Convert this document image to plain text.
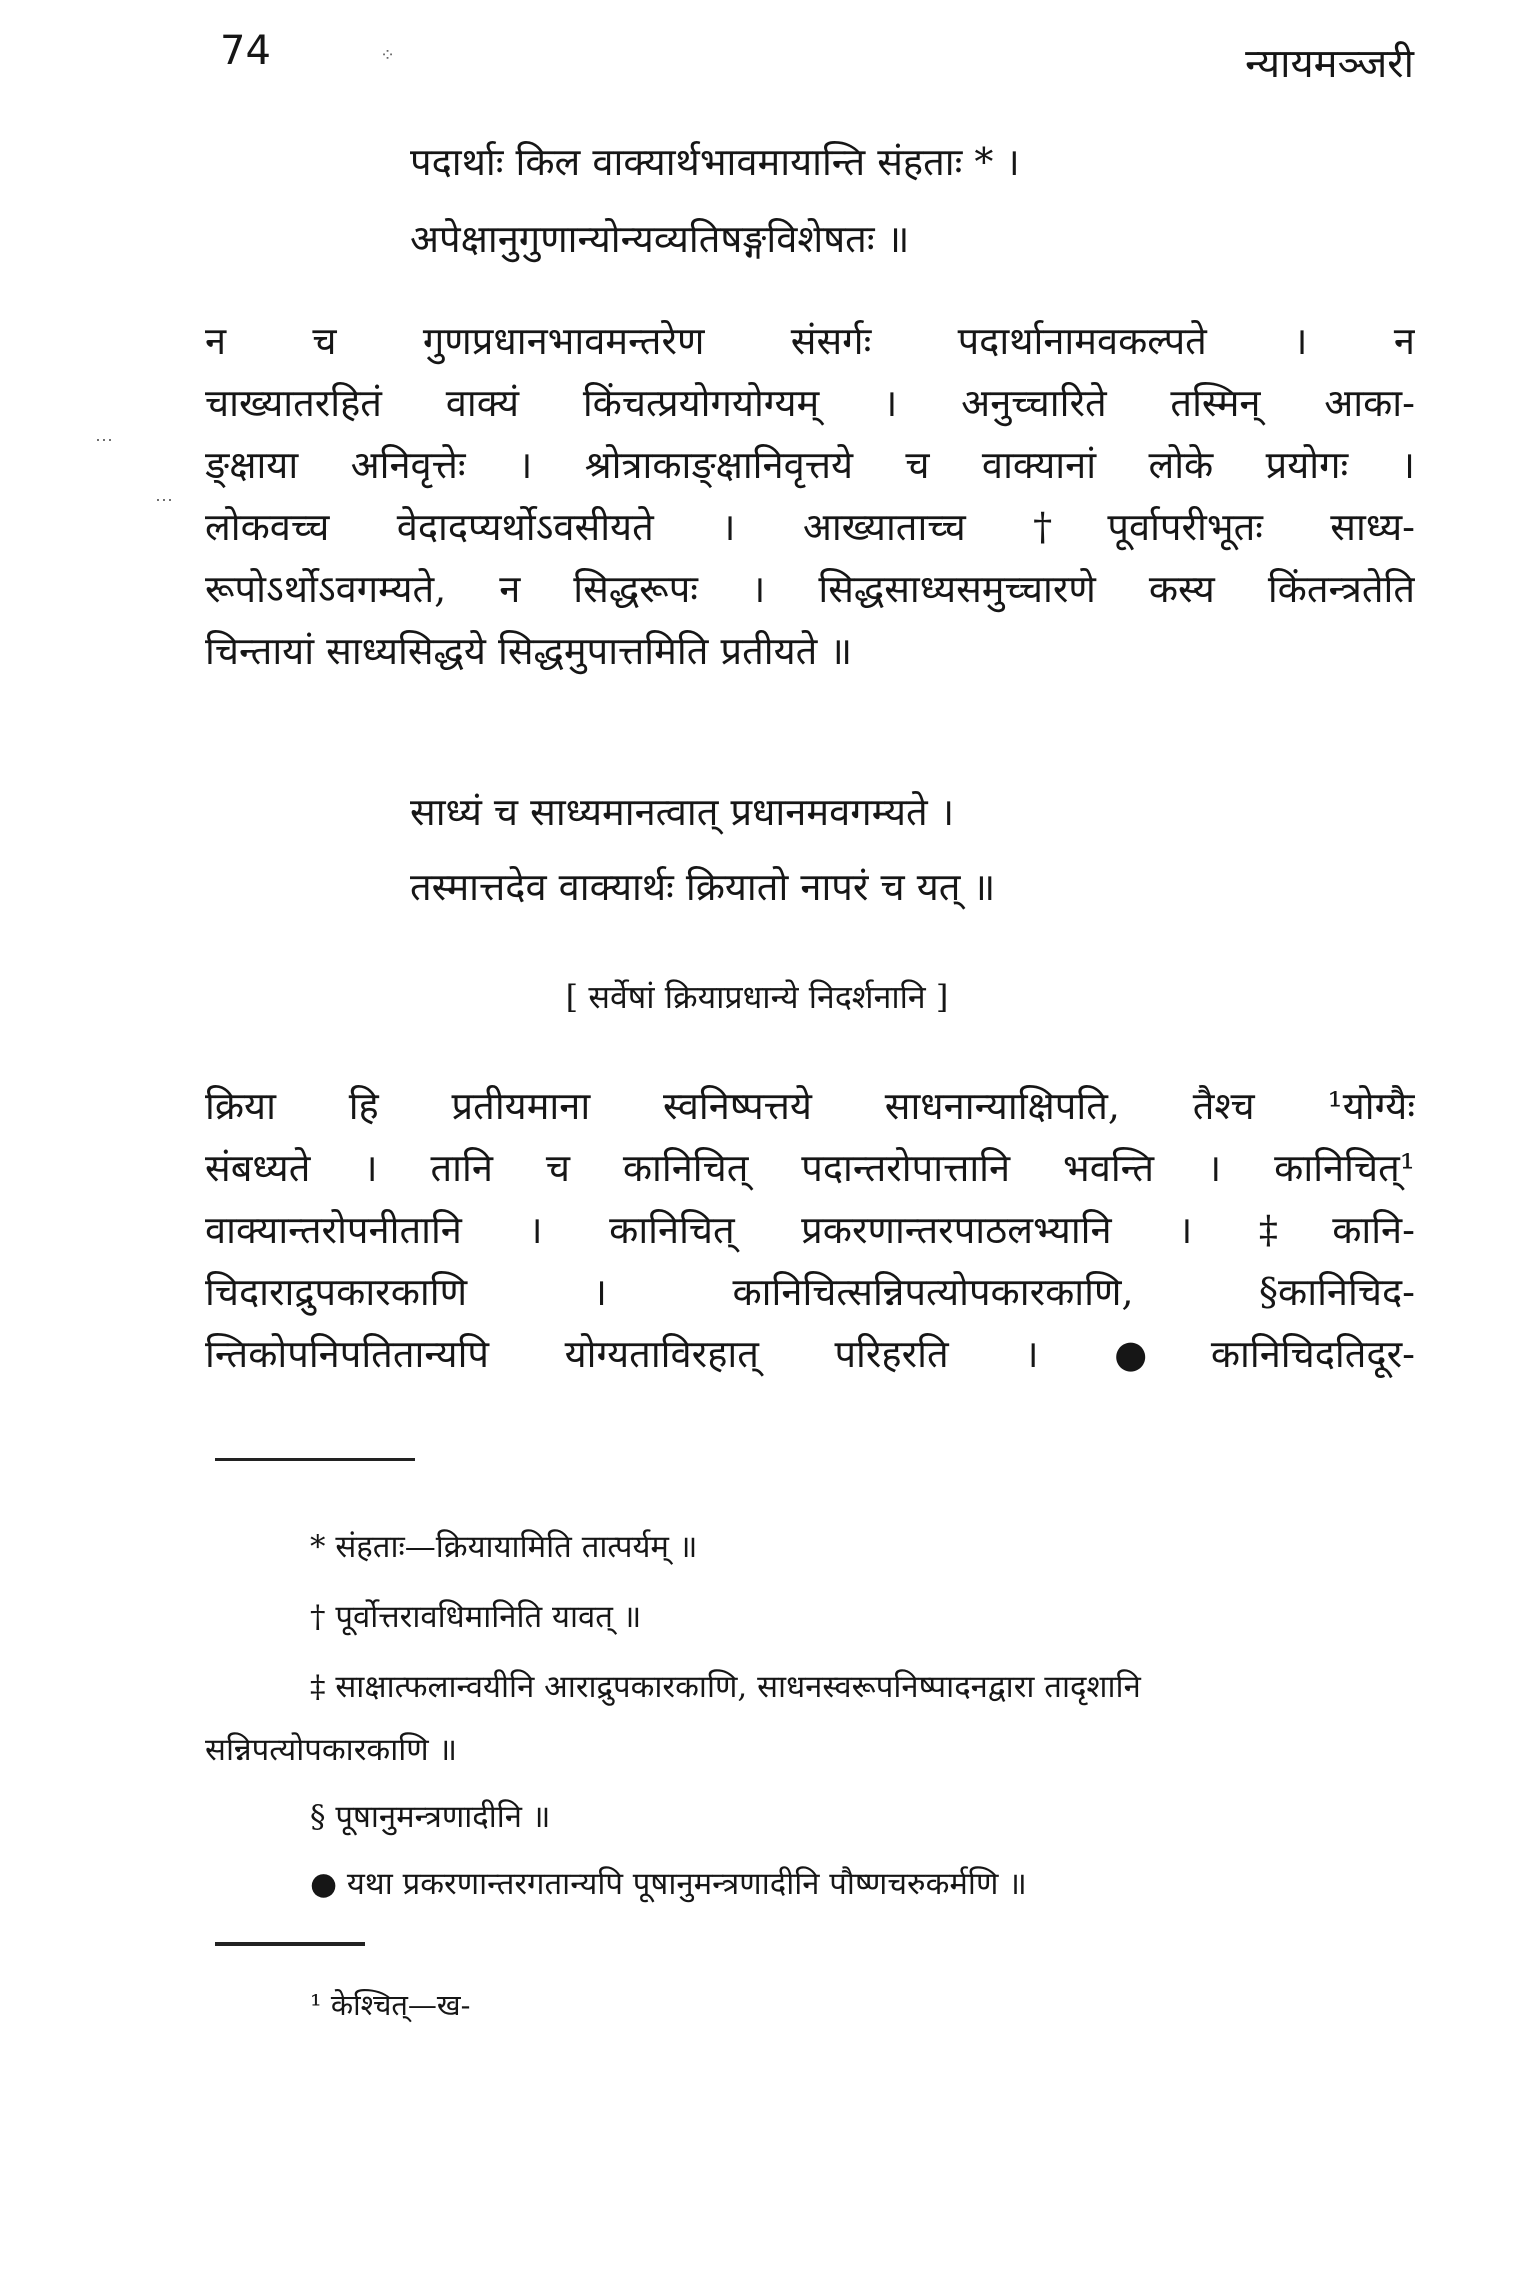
74	न्यायमञ्जरी
⁘
⋯
⋯
पदार्थाः किल वाक्यार्थभावमायान्ति संहताः * ।
अपेक्षानुगुणान्योन्यव्यतिषङ्गविशेषतः ॥
न च गुणप्रधानभावमन्तरेण संसर्गः पदार्थानामवकल्पते । न
चाख्यातरहितं वाक्यं किंचत्प्रयोगयोग्यम् । अनुच्चारिते तस्मिन् आका-
ङ्क्षाया अनिवृत्तेः । श्रोत्राकाङ्क्षानिवृत्तये च वाक्यानां लोके प्रयोगः ।
लोकवच्च वेदादप्यर्थोऽवसीयते । आख्याताच्च †पूर्वापरीभूतः साध्य-
रूपोऽर्थोऽवगम्यते, न सिद्धरूपः । सिद्धसाध्यसमुच्चारणे कस्य किंतन्त्रतेति
चिन्तायां साध्यसिद्धये सिद्धमुपात्तमिति प्रतीयते ॥
साध्यं च साध्यमानत्वात् प्रधानमवगम्यते ।
तस्मात्तदेव वाक्यार्थः क्रियातो नापरं च यत् ॥
[ सर्वेषां क्रियाप्रधान्ये निदर्शनानि ]
क्रिया हि प्रतीयमाना स्वनिष्पत्तये साधनान्याक्षिपति, तैश्च ¹योग्यैः
संबध्यते । तानि च कानिचित् पदान्तरोपात्तानि भवन्ति । कानिचित्¹
वाक्यान्तरोपनीतानि । कानिचित् प्रकरणान्तरपाठलभ्यानि । ‡कानि-
चिदाराद्रुपकारकाणि । कानिचित्सन्निपत्योपकारकाणि, §कानिचिद-
न्तिकोपनिपतितान्यपि योग्यताविरहात् परिहरति । ●कानिचिदतिदूर-
* संहताः—क्रियायामिति तात्पर्यम् ॥
† पूर्वोत्तरावधिमानिति यावत् ॥
‡ साक्षात्फलान्वयीनि आराद्रुपकारकाणि, साधनस्वरूपनिष्पादनद्वारा तादृशानि
सन्निपत्योपकारकाणि ॥
§ पूषानुमन्त्रणादीनि ॥
● यथा प्रकरणान्तरगतान्यपि पूषानुमन्त्रणादीनि पौष्णचरुकर्मणि ॥
¹ केश्चित्—ख-
